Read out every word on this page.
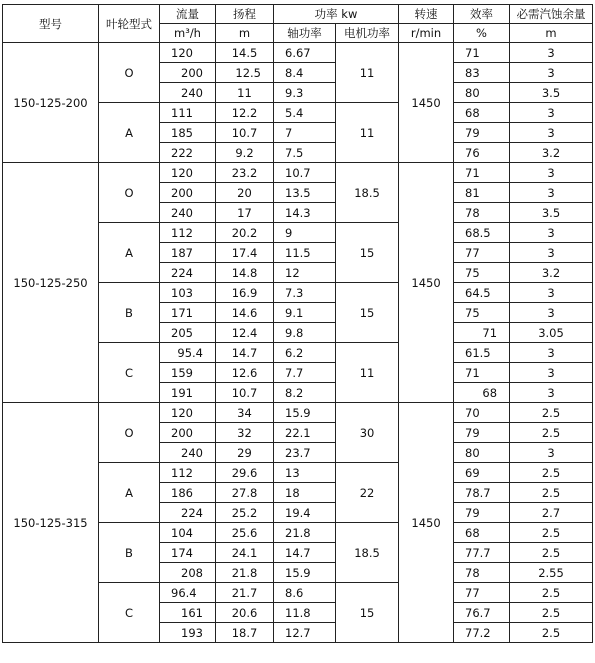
型号	叶轮型式	流量	扬程	功率 kw		转速	效率	必需汽蚀余量
		m³/h	m	轴功率	电机功率	r/min	%	m
150-125-200	O	120	14.5	6.67	11	1450	71	3
		200	12.5	8.4			83	3
		240	11	9.3			80	3.5
	A	111	12.2	5.4	11		68	3
		185	10.7	7			79	3
		222	9.2	7.5			76	3.2
150-125-250	O	120	23.2	10.7	18.5	1450	71	3
		200	20	13.5			81	3
		240	17	14.3			78	3.5
	A	112	20.2	9	15		68.5	3
		187	17.4	11.5			77	3
		224	14.8	12			75	3.2
	B	103	16.9	7.3	15		64.5	3
		171	14.6	9.1			75	3
		205	12.4	9.8			71	3.05
	C	95.4	14.7	6.2	11		61.5	3
		159	12.6	7.7			71	3
		191	10.7	8.2			68	3
150-125-315	O	120	34	15.9	30	1450	70	2.5
		200	32	22.1			79	2.5
		240	29	23.7			80	3
	A	112	29.6	13	22		69	2.5
		186	27.8	18			78.7	2.5
		224	25.2	19.4			79	2.7
	B	104	25.6	21.8	18.5		68	2.5
		174	24.1	14.7			77.7	2.5
		208	21.8	15.9			78	2.55
	C	96.4	21.7	8.6	15		77	2.5
		161	20.6	11.8			76.7	2.5
		193	18.7	12.7			77.2	2.5
